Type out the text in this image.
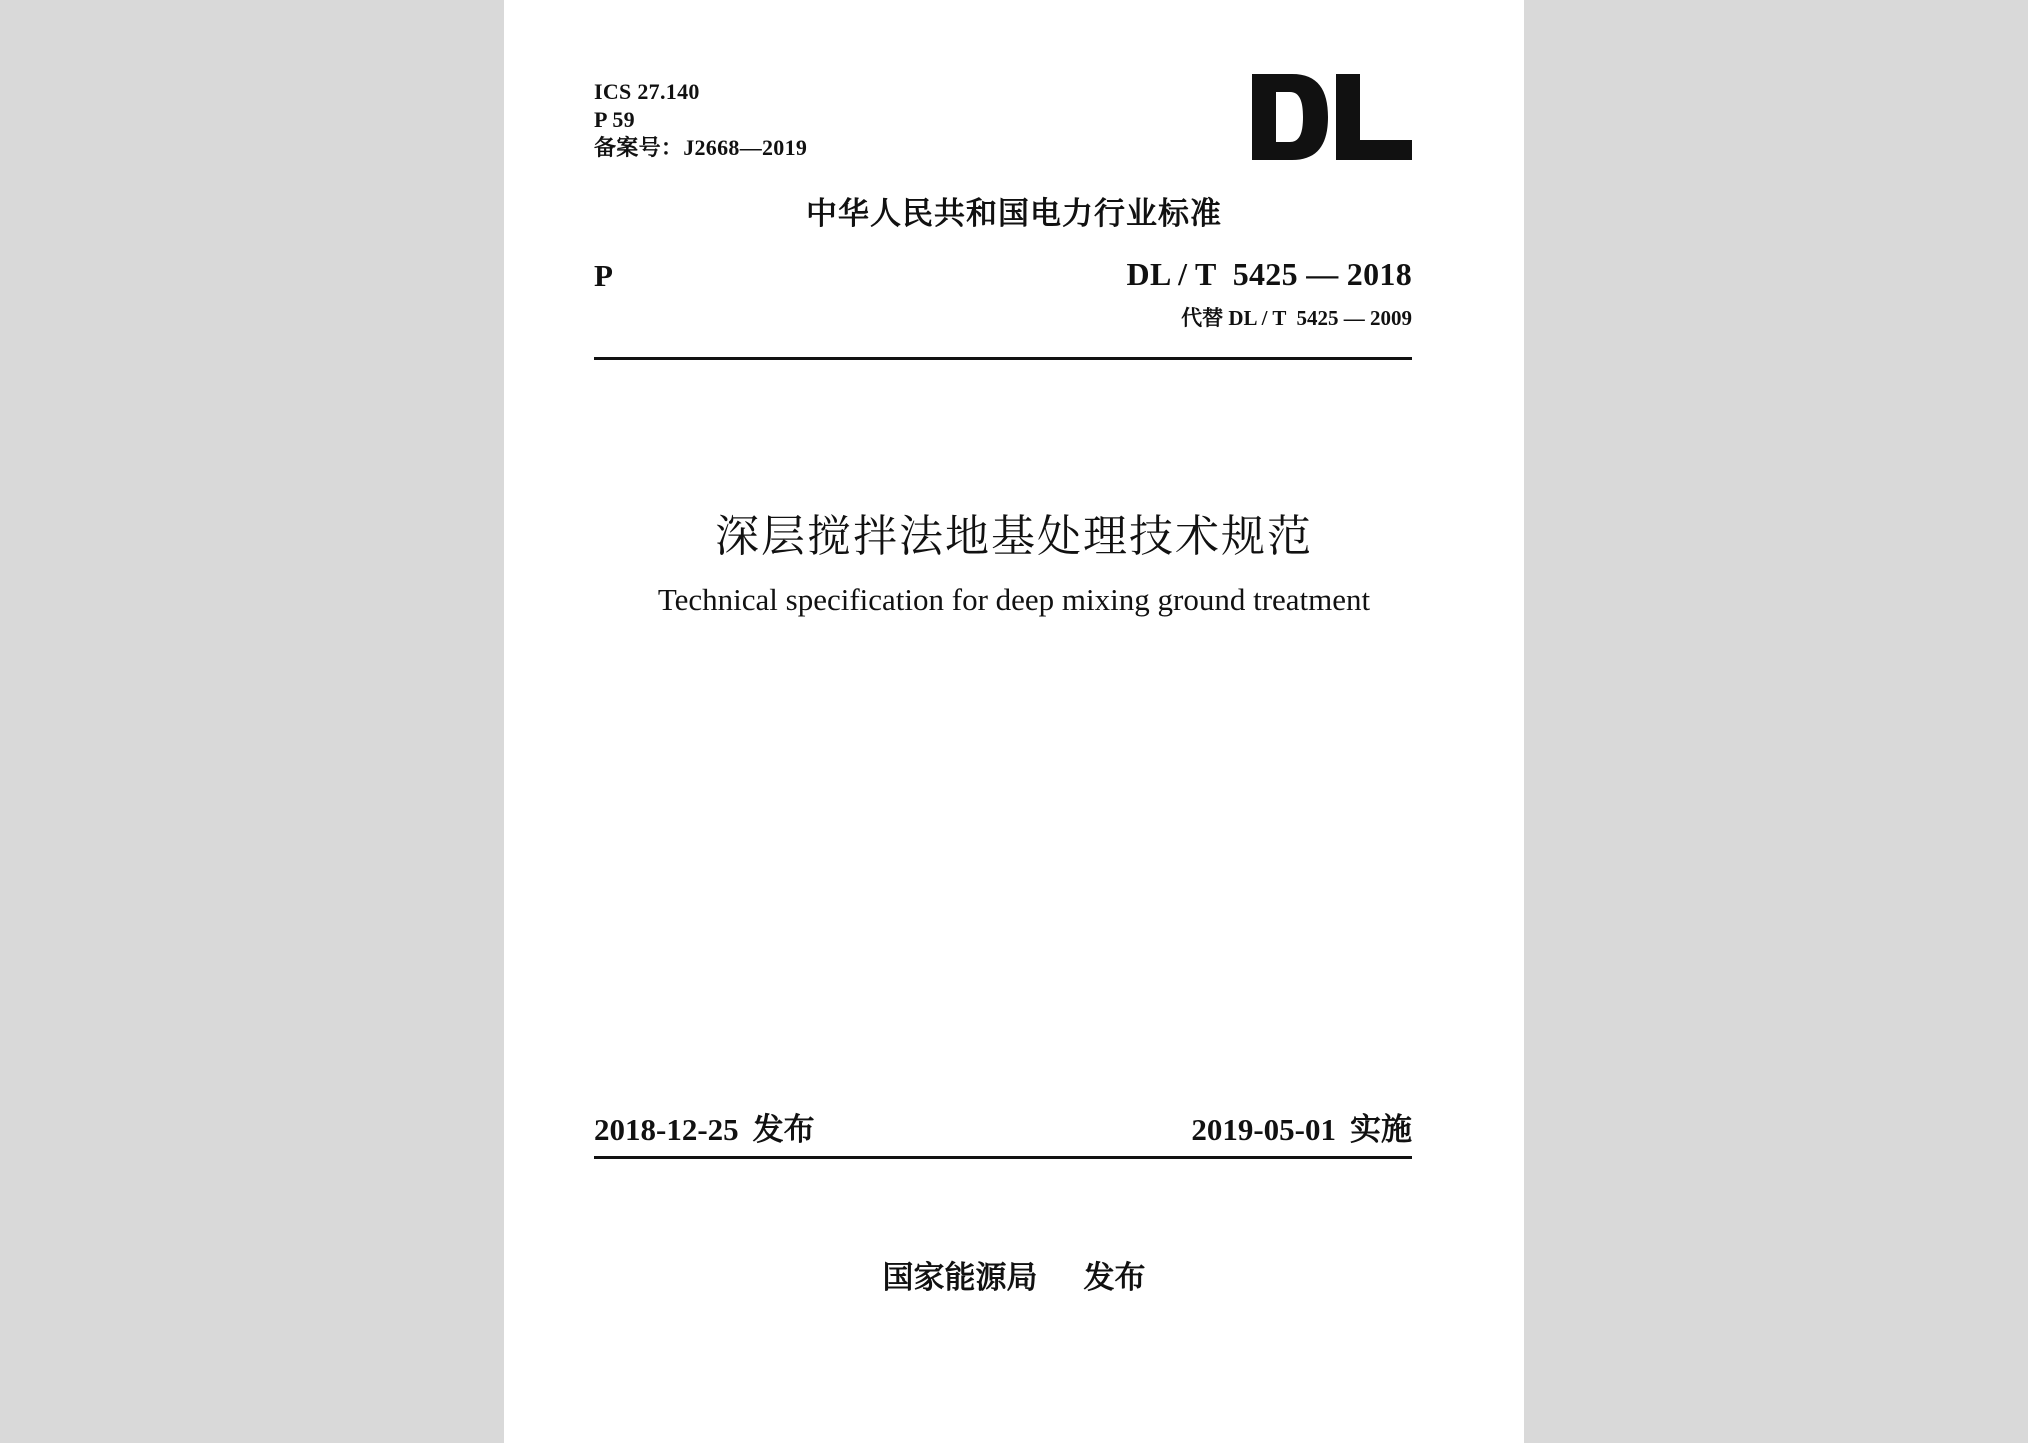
ICS 27.140
P 59
备案号：J2668—2019
中华人民共和国电力行业标准
P	DL / T  5425 — 2018
代替 DL / T  5425 — 2009
深层搅拌法地基处理技术规范
Technical specification for deep mixing ground treatment
2018-12-25 发布	2019-05-01 实施
国家能源局 发布
